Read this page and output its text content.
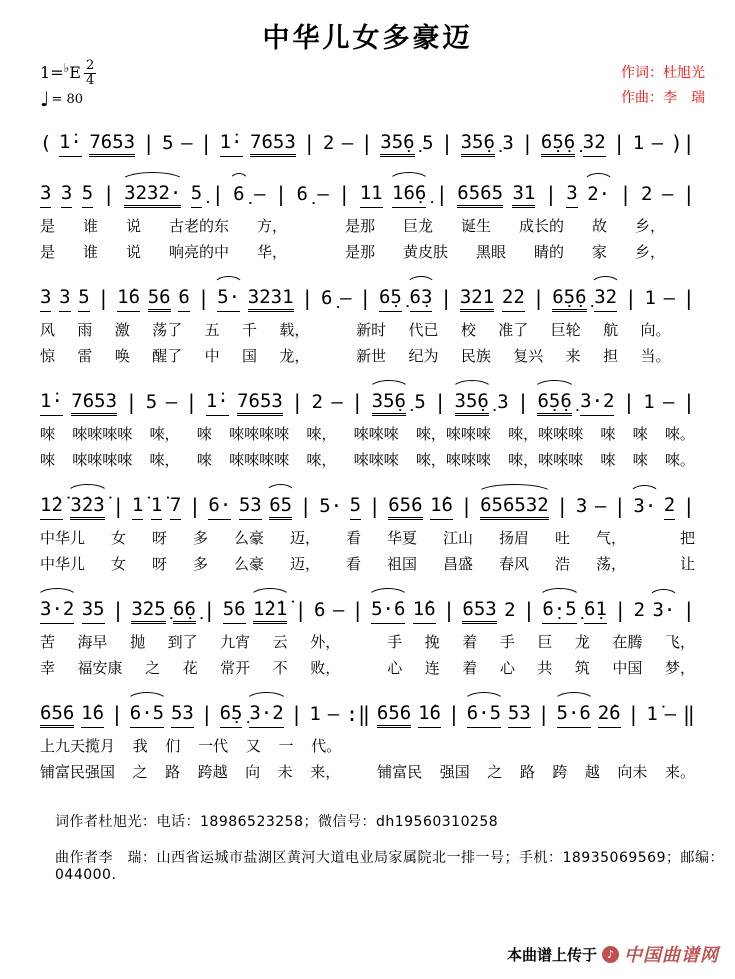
中华儿女多豪迈
1= ♭ E $\frac{2}{4}$
♩ = 80
作词：杜旭光
作曲：李　瑞
( 1̇· 7653 | 5 – | 1̇· 7653 | 2 – | 35̣6̣ 5 | 35̣6̣ 3 | 6̣5̣6̣ 32 | 1 – )|
3 3 5 | 3232· 5̣ | 6̣ – | 6̣ – | 11 16̣6̣ | 6565 31 | 3 2· | 2 – |
是 谁 说 古老的东 方，	是那 巨龙 诞生 成长的 故 乡，
是 谁 说 响亮的中 华，	是那 黄皮肤 黑眼 睛的 家 乡，
3 3 5 | 1̇6 56 6 | 5· 3231 | 6̣ – | 6̣5̣ 6̣3 | 321 22 | 6̣5̣6̣ 32 | 1 – |
风 雨 激 荡了 五 千 载，	新时 代已 校 准了 巨轮 航 向。
惊 雷 唤 醒了 中 国 龙，	新世 纪为 民族 复兴 来 担 当。
1̇· 7653 | 5 – | 1̇· 7653 | 2 – | 35̣6̣ 5 | 35̣6̣ 3 | 6̣5̣6̣ 3·2 | 1 – |
唻 唻唻唻唻 唻， 唻 唻唻唻唻 唻， 唻唻唻 唻，唻唻唻 唻，唻唻唻 唻 唻 唻。
唻 唻唻唻唻 唻， 唻 唻唻唻唻 唻， 唻唻唻 唻，唻唻唻 唻，唻唻唻 唻 唻 唻。
1̇2̇ 3̇2̇3̇ | 1̇ 1̇ 7 | 6· 53 65 | 5· 5 | 656 1̇6 | 656532 | 3 – | 3· 2 |
中华儿 女 呀 多 么豪 迈， 看 华夏 江山 扬眉 吐 气，	把
中华儿 女 呀 多 么豪 迈， 看 祖国 昌盛 春风 浩 荡，	让
3·2 35 | 325̣ 6̣6̣ | 56 1̇2̇1̇ | 6 – | 5·6 1̇6 | 653 2 | 6̣·5̣ 6̣1 | 2 3· |
苦 海早 抛 到了 九宵 云 外，	手 挽 着 手 巨 龙 在腾 飞，
幸 福安康 之 花 常开 不 败，	心 连 着 心 共 筑 中国 梦，
656 1̇6 | 6·5 53 | 6̣5̣ 3·2 | 1 – :‖ 656 1̇6 | 6·5 53 | 5·6 2̇6 | 1̇ – ‖
上九天揽月 我 们 一代 又 一 代。
铺富民强国 之 路 跨越 向 未 来， 铺富民 强国 之 路 跨 越 向未 来。
词作者杜旭光：电话：18986523258；微信号：dh19560310258
曲作者李　瑞：山西省运城市盐湖区黄河大道电业局家属院北一排一号；手机：18935069569；邮编：044000.
本曲谱上传于 ♪ 中国曲谱网
